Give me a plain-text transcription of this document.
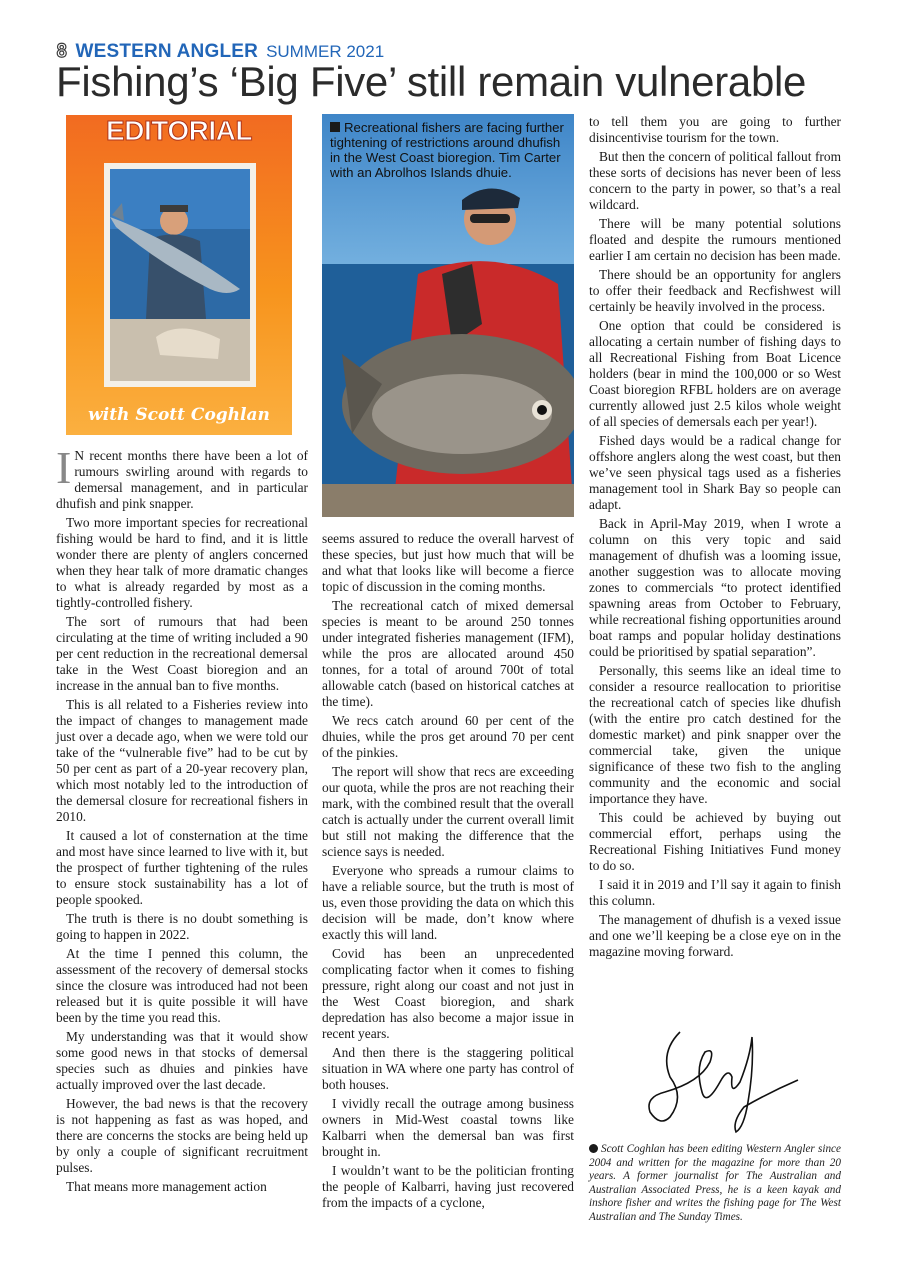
8 WESTERN ANGLER SUMMER 2021
Fishing’s ‘Big Five’ still remain vulnerable
EDITORIAL
with Scott Coghlan

I N recent months there have been a lot of rumours swirling around with regards to demersal management, and in particular dhufish and pink snapper.

Two more important species for recreational fishing would be hard to find, and it is little wonder there are plenty of anglers concerned when they hear talk of more dramatic changes to what is already regarded by most as a tightly-controlled fishery.

The sort of rumours that had been circulating at the time of writing included a 90 per cent reduction in the recreational demersal take in the West Coast bioregion and an increase in the annual ban to five months.

This is all related to a Fisheries review into the impact of changes to management made just over a decade ago, when we were told our take of the “vulnerable five” had to be cut by 50 per cent as part of a 20-year recovery plan, which most notably led to the introduction of the demersal closure for recreational fishers in 2010.

It caused a lot of consternation at the time and most have since learned to live with it, but the prospect of further tightening of the rules to ensure stock sustainability has a lot of people spooked.

The truth is there is no doubt something is going to happen in 2022.

At the time I penned this column, the assessment of the recovery of demersal stocks since the closure was introduced had not been released but it is quite possible it will have been by the time you read this.

My understanding was that it would show some good news in that stocks of demersal species such as dhuies and pinkies have actually improved over the last decade.

However, the bad news is that the recovery is not happening as fast as was hoped, and there are concerns the stocks are being held up by only a couple of significant recruitment pulses.

That means more management action

Recreational fishers are facing further tightening of restrictions around dhufish in the West Coast bioregion. Tim Carter with an Abrolhos Islands dhuie.

seems assured to reduce the overall harvest of these species, but just how much that will be and what that looks like will become a fierce topic of discussion in the coming months.

The recreational catch of mixed demersal species is meant to be around 250 tonnes under integrated fisheries management (IFM), while the pros are allocated around 450 tonnes, for a total of around 700t of total allowable catch (based on historical catches at the time).

We recs catch around 60 per cent of the dhuies, while the pros get around 70 per cent of the pinkies.

The report will show that recs are exceeding our quota, while the pros are not reaching their mark, with the combined result that the overall catch is actually under the current overall limit but still not making the difference that the science says is needed.

Everyone who spreads a rumour claims to have a reliable source, but the truth is most of us, even those providing the data on which this decision will be made, don’t know where exactly this will land.

Covid has been an unprecedented complicating factor when it comes to fishing pressure, right along our coast and not just in the West Coast bioregion, and shark depredation has also become a major issue in recent years.

And then there is the staggering political situation in WA where one party has control of both houses.

I vividly recall the outrage among business owners in Mid-West coastal towns like Kalbarri when the demersal ban was first brought in.

I wouldn’t want to be the politician fronting the people of Kalbarri, having just recovered from the impacts of a cyclone,

to tell them you are going to further disincentivise tourism for the town.

But then the concern of political fallout from these sorts of decisions has never been of less concern to the party in power, so that’s a real wildcard.

There will be many potential solutions floated and despite the rumours mentioned earlier I am certain no decision has been made.

There should be an opportunity for anglers to offer their feedback and Recfishwest will certainly be heavily involved in the process.

One option that could be considered is allocating a certain number of fishing days to all Recreational Fishing from Boat Licence holders (bear in mind the 100,000 or so West Coast bioregion RFBL holders are on average currently allowed just 2.5 kilos whole weight of all species of demersals each per year!).

Fished days would be a radical change for offshore anglers along the west coast, but then we’ve seen physical tags used as a fisheries management tool in Shark Bay so people can adapt.

Back in April-May 2019, when I wrote a column on this very topic and said management of dhufish was a looming issue, another suggestion was to allocate moving zones to commercials “to protect identified spawning areas from October to February, while recreational fishing opportunities around boat ramps and popular holiday destinations could be prioritised by spatial separation”.

Personally, this seems like an ideal time to consider a resource reallocation to prioritise the recreational catch of species like dhufish (with the entire pro catch destined for the domestic market) and pink snapper over the commercial take, given the unique significance of these two fish to the angling community and the economic and social importance they have.

This could be achieved by buying out commercial effort, perhaps using the Recreational Fishing Initiatives Fund money to do so.

I said it in 2019 and I’ll say it again to finish this column.

The management of dhufish is a vexed issue and one we’ll keeping be a close eye on in the magazine moving forward.

Scott Coghlan has been editing Western Angler since 2004 and written for the magazine for more than 20 years. A former journalist for The Australian and Australian Associated Press, he is a keen kayak and inshore fisher and writes the fishing page for The West Australian and The Sunday Times.
